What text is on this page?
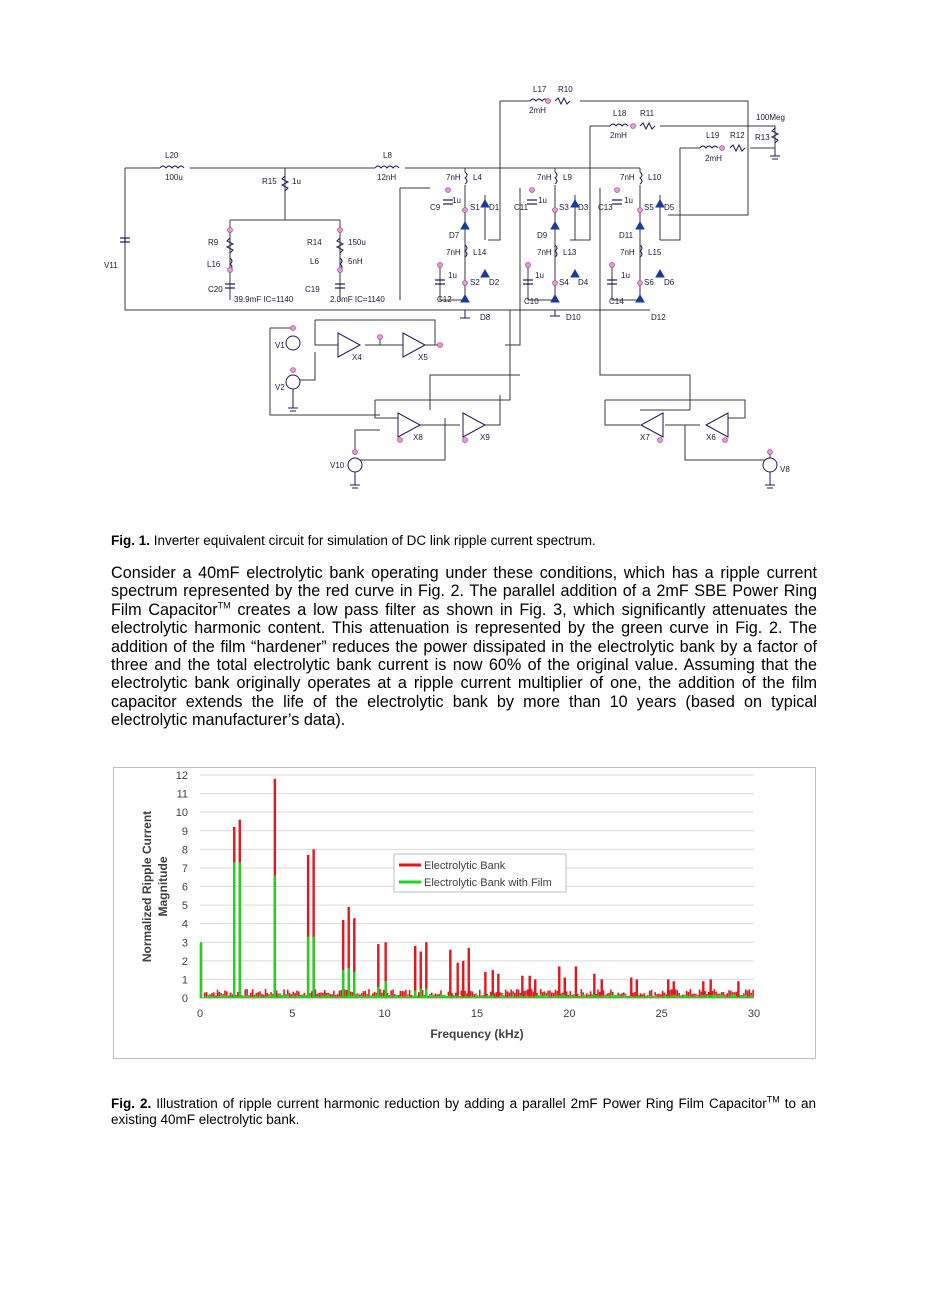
L17 R10
2mH	L18 R11
2mH	L19 R12
2mH
100Meg
R13
L20
100u
L8
12nH
R15 1u	7nH L4	7nH L9	7nH L10
C9
1u
S1 D1 C11
1u
S3 D3 C13
1u
S5 D5
D7	D9	D11
R9	R14	150u
L16	L6	5nH
V11
7nH L14	7nH L13	7nH L15
C20	C19
39.9mF IC=1140	2.0mF IC=1140
1u
S2 D2
C12
D8
1u
S4 D4
C10
D10
1u
S6 D6
C14
D12
V1
V2
X4	X5
X8	X9	X7	X6
V10	V8
Fig. 1. Inverter equivalent circuit for simulation of DC link ripple current spectrum.
Consider a 40mF electrolytic bank operating under these conditions, which has a ripple current spectrum represented by the red curve in Fig. 2. The parallel addition of a 2mF SBE Power Ring Film Capacitor™ creates a low pass filter as shown in Fig. 3, which significantly attenuates the electrolytic harmonic content. This attenuation is represented by the green curve in Fig. 2. The addition of the film “hardener” reduces the power dissipated in the electrolytic bank by a factor of three and the total electrolytic bank current is now 60% of the original value. Assuming that the electrolytic bank originally operates at a ripple current multiplier of one, the addition of the film capacitor extends the life of the electrolytic bank by more than 10 years (based on typical electrolytic manufacturer’s data).
0
1
2
3
4
5
6
7
8
9
10
11
12
0	5	10	15	20	25	30
Frequency (kHz)
Normalized Ripple Current Magnitude	Electrolytic Bank
Electrolytic Bank with Film
Fig. 2. Illustration of ripple current harmonic reduction by adding a parallel 2mF Power Ring Film Capacitor™ to an existing 40mF electrolytic bank.
